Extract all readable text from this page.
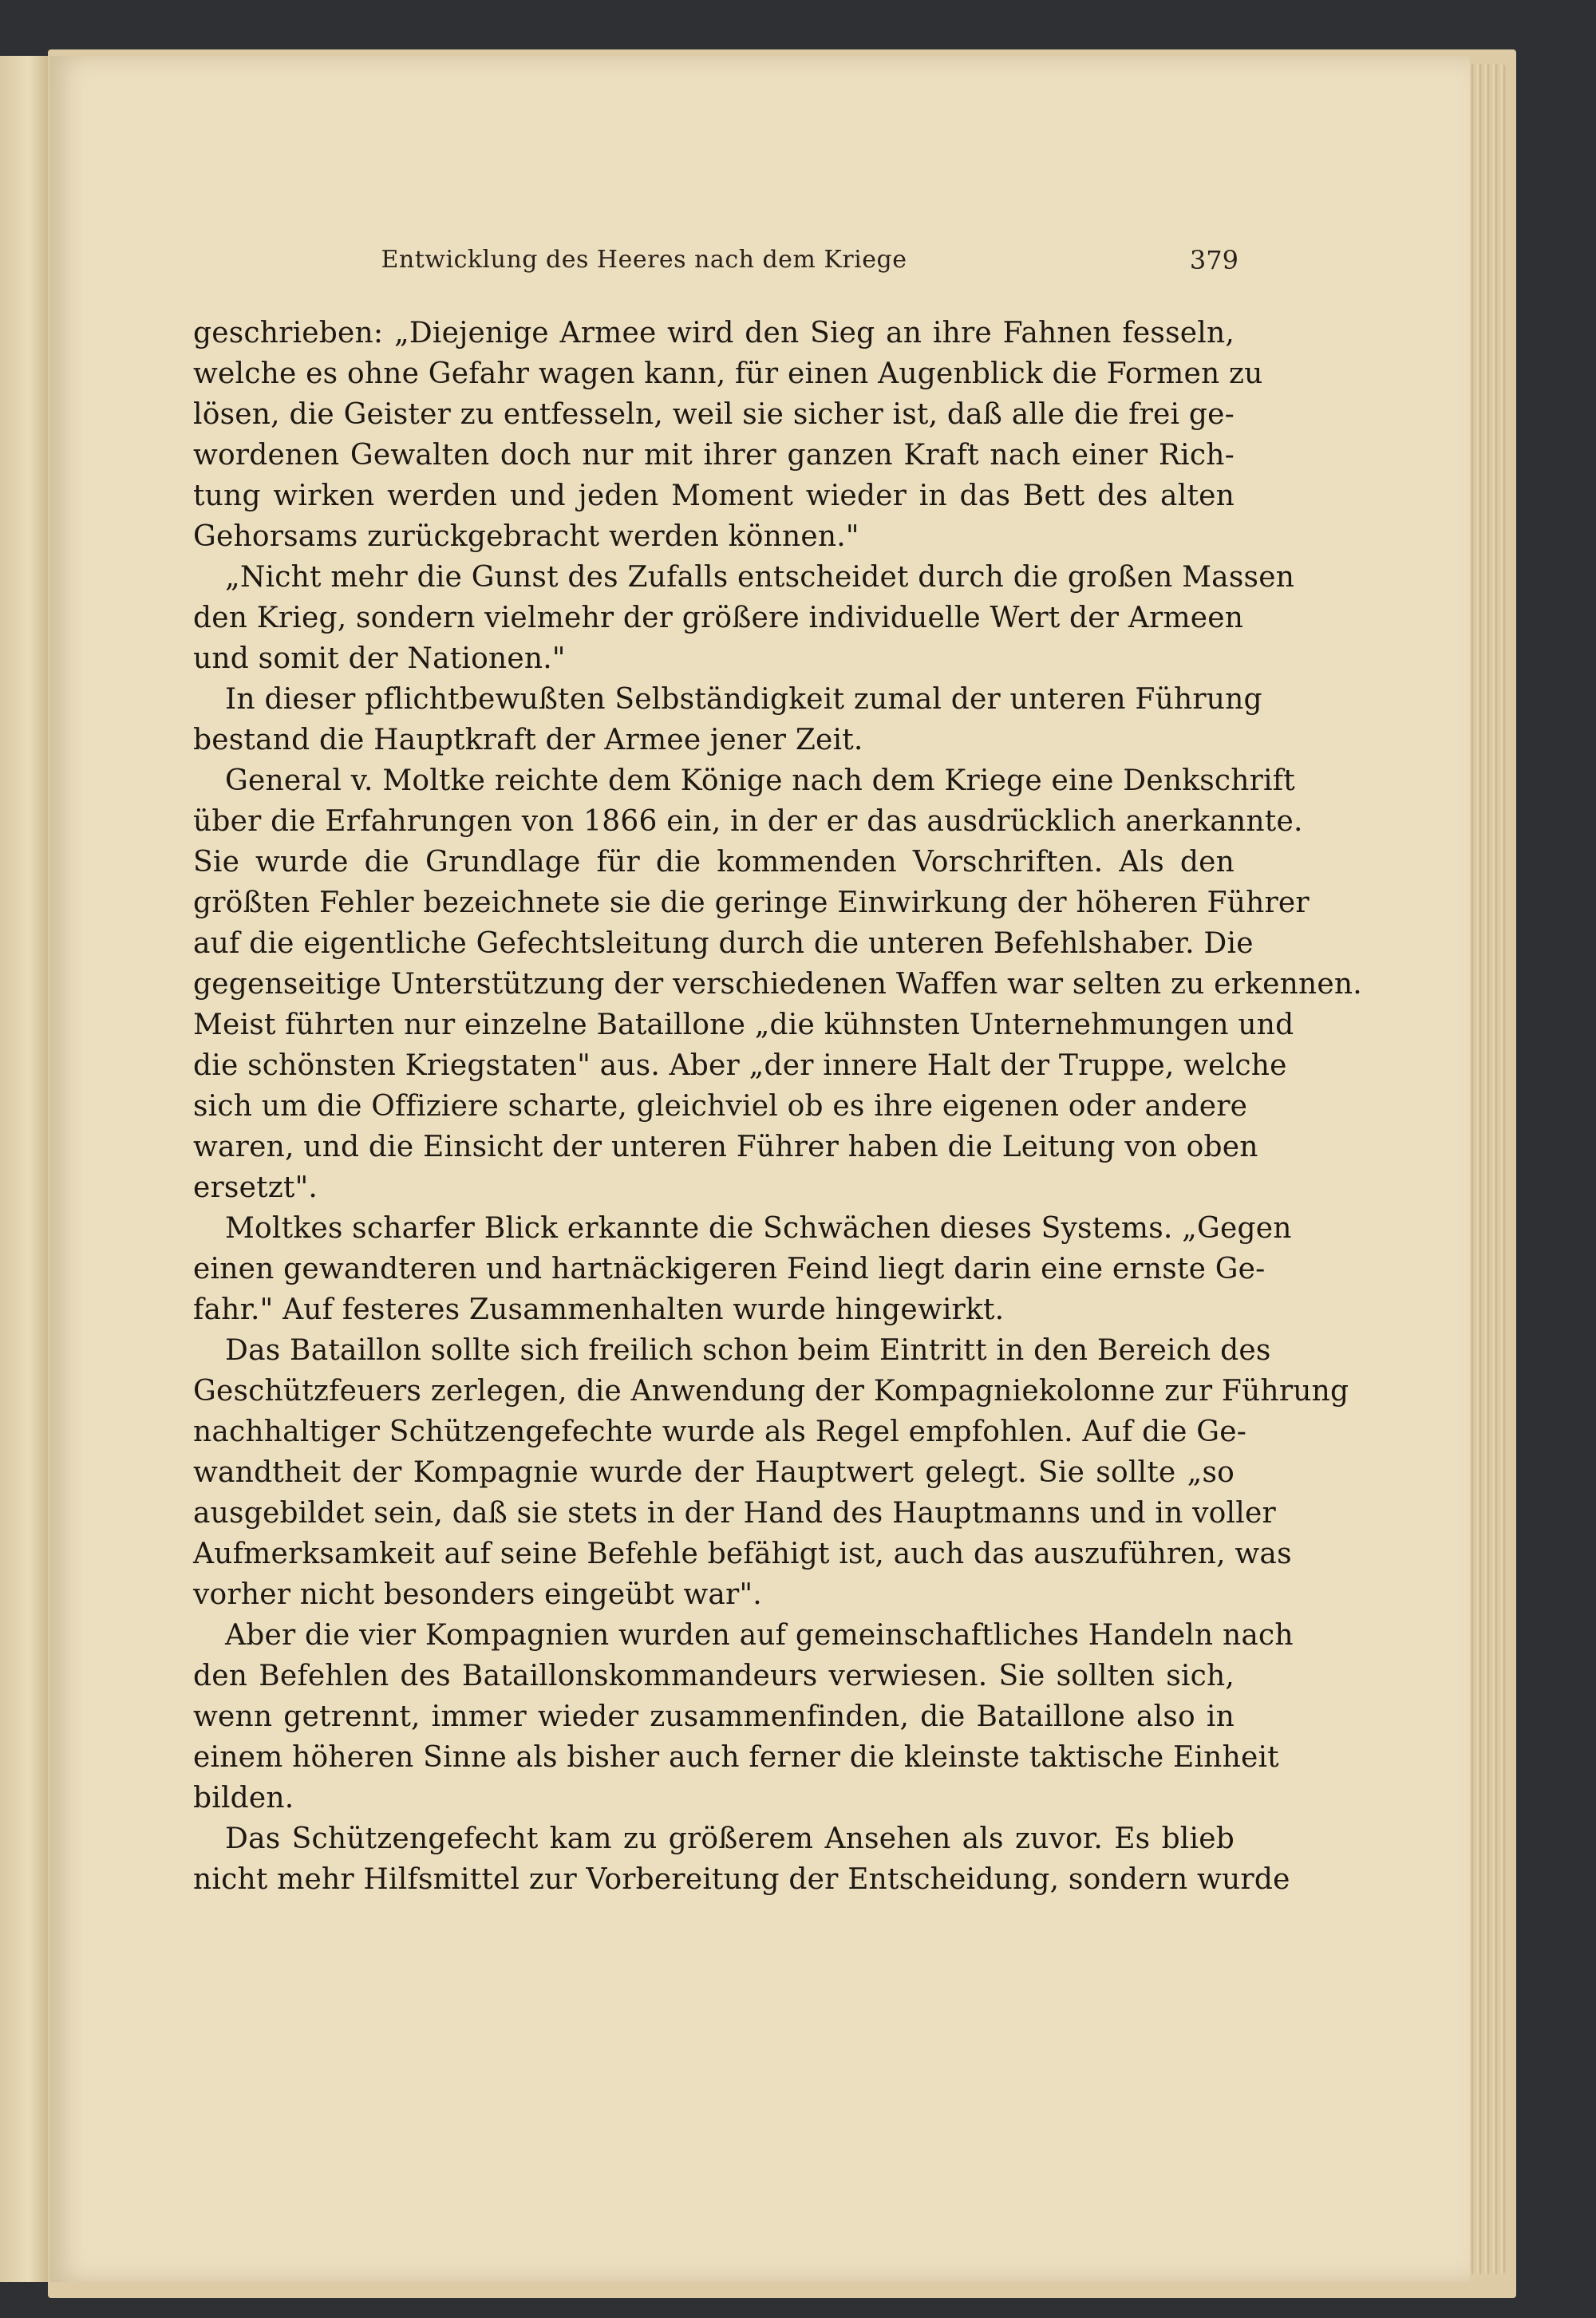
Entwicklung des Heeres nach dem Kriege	379
geschrieben: „Diejenige Armee wird den Sieg an ihre Fahnen fesseln,
welche es ohne Gefahr wagen kann, für einen Augenblick die Formen zu
lösen, die Geister zu entfesseln, weil sie sicher ist, daß alle die frei ge-
wordenen Gewalten doch nur mit ihrer ganzen Kraft nach einer Rich-
tung wirken werden und jeden Moment wieder in das Bett des alten
Gehorsams zurückgebracht werden können."
„Nicht mehr die Gunst des Zufalls entscheidet durch die großen Massen
den Krieg, sondern vielmehr der größere individuelle Wert der Armeen
und somit der Nationen."
In dieser pflichtbewußten Selbständigkeit zumal der unteren Führung
bestand die Hauptkraft der Armee jener Zeit.
General v. Moltke reichte dem Könige nach dem Kriege eine Denkschrift
über die Erfahrungen von 1866 ein, in der er das ausdrücklich anerkannte.
Sie wurde die Grundlage für die kommenden Vorschriften. Als den
größten Fehler bezeichnete sie die geringe Einwirkung der höheren Führer
auf die eigentliche Gefechtsleitung durch die unteren Befehlshaber. Die
gegenseitige Unterstützung der verschiedenen Waffen war selten zu erkennen.
Meist führten nur einzelne Bataillone „die kühnsten Unternehmungen und
die schönsten Kriegstaten" aus. Aber „der innere Halt der Truppe, welche
sich um die Offiziere scharte, gleichviel ob es ihre eigenen oder andere
waren, und die Einsicht der unteren Führer haben die Leitung von oben
ersetzt".
Moltkes scharfer Blick erkannte die Schwächen dieses Systems. „Gegen
einen gewandteren und hartnäckigeren Feind liegt darin eine ernste Ge-
fahr." Auf festeres Zusammenhalten wurde hingewirkt.
Das Bataillon sollte sich freilich schon beim Eintritt in den Bereich des
Geschützfeuers zerlegen, die Anwendung der Kompagniekolonne zur Führung
nachhaltiger Schützengefechte wurde als Regel empfohlen. Auf die Ge-
wandtheit der Kompagnie wurde der Hauptwert gelegt. Sie sollte „so
ausgebildet sein, daß sie stets in der Hand des Hauptmanns und in voller
Aufmerksamkeit auf seine Befehle befähigt ist, auch das auszuführen, was
vorher nicht besonders eingeübt war".
Aber die vier Kompagnien wurden auf gemeinschaftliches Handeln nach
den Befehlen des Bataillonskommandeurs verwiesen. Sie sollten sich,
wenn getrennt, immer wieder zusammenfinden, die Bataillone also in
einem höheren Sinne als bisher auch ferner die kleinste taktische Einheit
bilden.
Das Schützengefecht kam zu größerem Ansehen als zuvor. Es blieb
nicht mehr Hilfsmittel zur Vorbereitung der Entscheidung, sondern wurde
